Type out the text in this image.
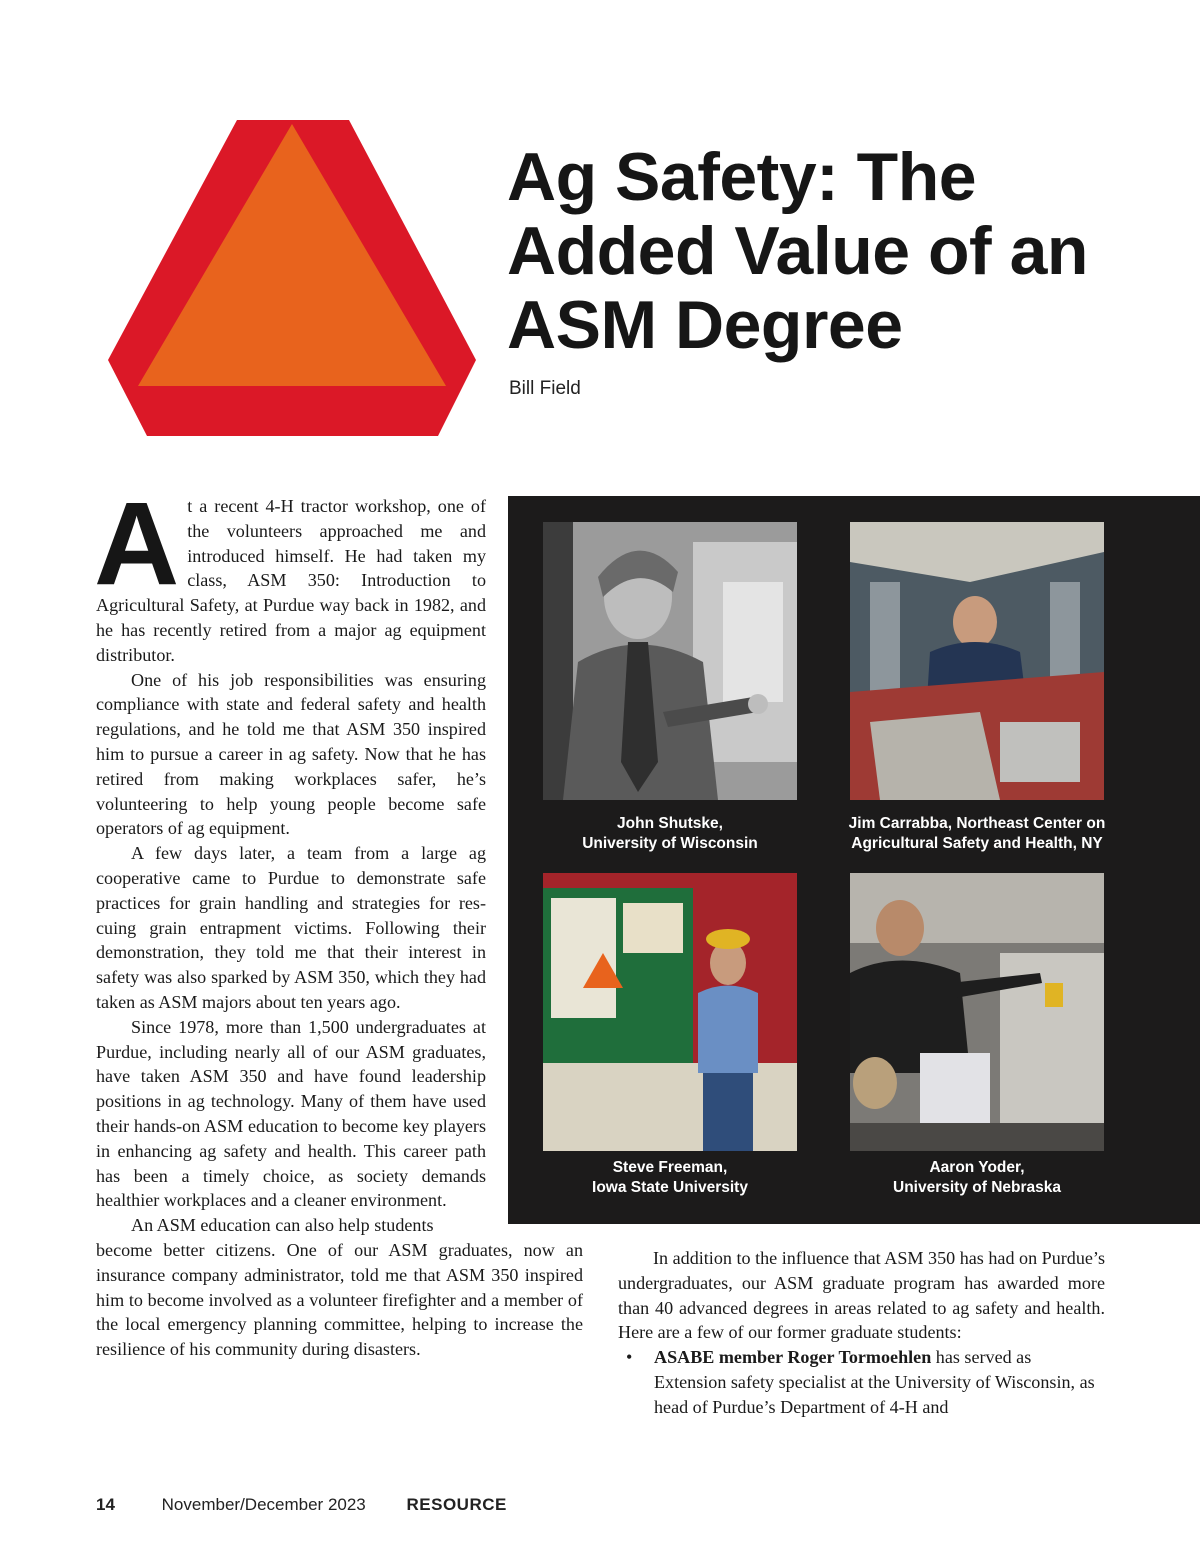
Ag Safety: The Added Value of an ASM Degree
Bill Field

At a recent 4-H tractor workshop, one of the volunteers approached me and introduced himself. He had taken my class, ASM 350: Introduction to Agricultural Safety, at Purdue way back in 1982, and he has recently retired from a major ag equipment distributor.

One of his job responsibilities was ensuring compliance with state and federal safety and health regulations, and he told me that ASM 350 inspired him to pursue a career in ag safety. Now that he has retired from making workplaces safer, he’s volunteering to help young people become safe operators of ag equipment.

A few days later, a team from a large ag cooperative came to Purdue to demonstrate safe practices for grain handling and strategies for rescuing grain entrapment victims. Following their demonstration, they told me that their interest in safety was also sparked by ASM 350, which they had taken as ASM majors about ten years ago.

Since 1978, more than 1,500 undergraduates at Purdue, including nearly all of our ASM graduates, have taken ASM 350 and have found leadership positions in ag technology. Many of them have used their hands-on ASM education to become key players in enhancing ag safety and health. This career path has been a timely choice, as society demands healthier workplaces and a cleaner environment.

An ASM education can also help students

become better citizens. One of our ASM graduates, now an insurance company administrator, told me that ASM 350 inspired him to become involved as a volunteer firefighter and a member of the local emergency planning committee, helping to increase the resilience of his community during disasters.

John Shutske,
University of Wisconsin
Jim Carrabba, Northeast Center on
Agricultural Safety and Health, NY
Steve Freeman,
Iowa State University
Aaron Yoder,
University of Nebraska

In addition to the influence that ASM 350 has had on Purdue’s undergraduates, our ASM graduate program has awarded more than 40 advanced degrees in areas related to ag safety and health. Here are a few of our former graduate students:

• ASABE member Roger Tormoehlen has served as Extension safety specialist at the University of Wisconsin, as head of Purdue’s Department of 4-H and

14	November/December 2023 RESOURCE
